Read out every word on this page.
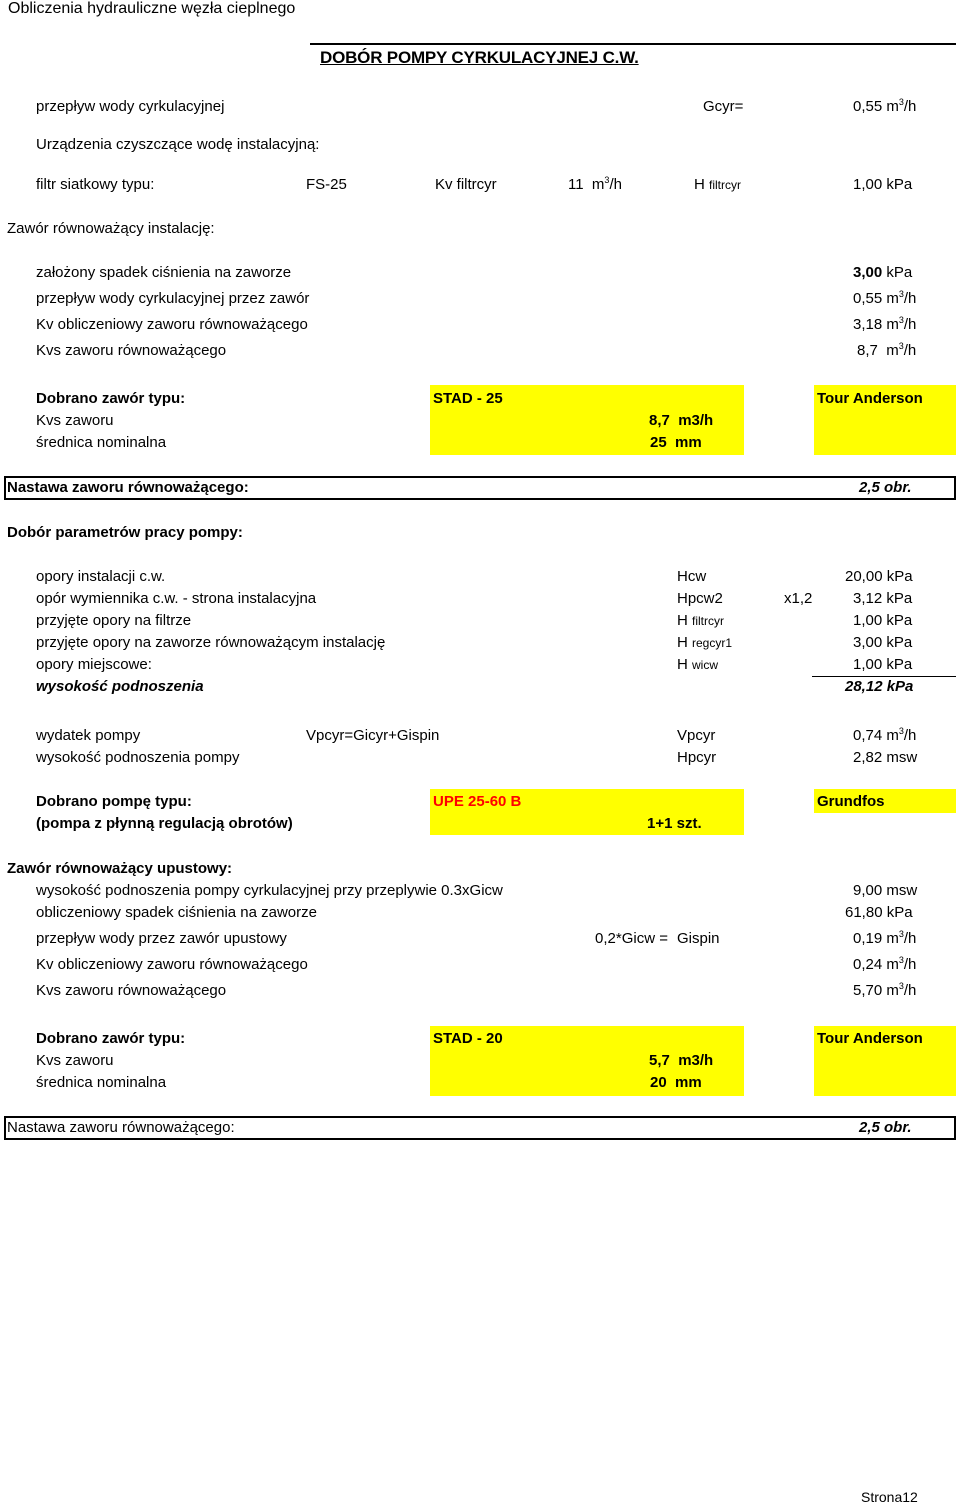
Obliczenia hydrauliczne węzła cieplnego
DOBÓR POMPY CYRKULACYJNEJ C.W.
przepływ wody cyrkulacyjnej	Gcyr=	0,55 $m^3/h$
Urządzenia czyszczące wodę instalacyjną:
filtr siatkowy typu:	FS-25	Kv filtrcyr	11 $m^3/h$	H filtrcyr	1,00 kPa
Zawór równoważący instalację:
założony spadek ciśnienia na zaworze	3,00 kPa
przepływ wody cyrkulacyjnej przez zawór	0,55 $m^3/h$
Kv obliczeniowy zaworu równoważącego	3,18 $m^3/h$
Kvs zaworu równoważącego	8,7 $m^3/h$
Dobrano zawór typu:	STAD - 25	Tour Anderson
Kvs zaworu	8,7 m3/h
średnica nominalna	25 mm
Nastawa zaworu równoważącego:	2,5 obr.
Dobór parametrów pracy pompy:
opory instalacji c.w.	Hcw	20,00 kPa
opór wymiennika c.w. - strona instalacyjna	Hpcw2	x1,2	3,12 kPa
przyjęte opory na filtrze	H filtrcyr	1,00 kPa
przyjęte opory na zaworze równoważącym instalację	H regcyr1	3,00 kPa
opory miejscowe:	H wicw	1,00 kPa
wysokość podnoszenia	28,12 kPa
wydatek pompy	Vpcyr=Gicyr+Gispin	Vpcyr	0,74 $m^3/h$
wysokość podnoszenia pompy	Hpcyr	2,82 msw
Dobrano pompę typu:	UPE 25-60 B	Grundfos
(pompa z płynną regulacją obrotów)	1+1 szt.
Zawór równoważący upustowy:
wysokość podnoszenia pompy cyrkulacyjnej przy przeplywie 0.3xGicw	9,00 msw
obliczeniowy spadek ciśnienia na zaworze	61,80 kPa
przepływ wody przez zawór upustowy	0,2*Gicw = Gispin	0,19 $m^3/h$
Kv obliczeniowy zaworu równoważącego	0,24 $m^3/h$
Kvs zaworu równoważącego	5,70 $m^3/h$
Dobrano zawór typu:	STAD - 20	Tour Anderson
Kvs zaworu	5,7 m3/h
średnica nominalna	20 mm
Nastawa zaworu równoważącego:	2,5 obr.
Strona12
